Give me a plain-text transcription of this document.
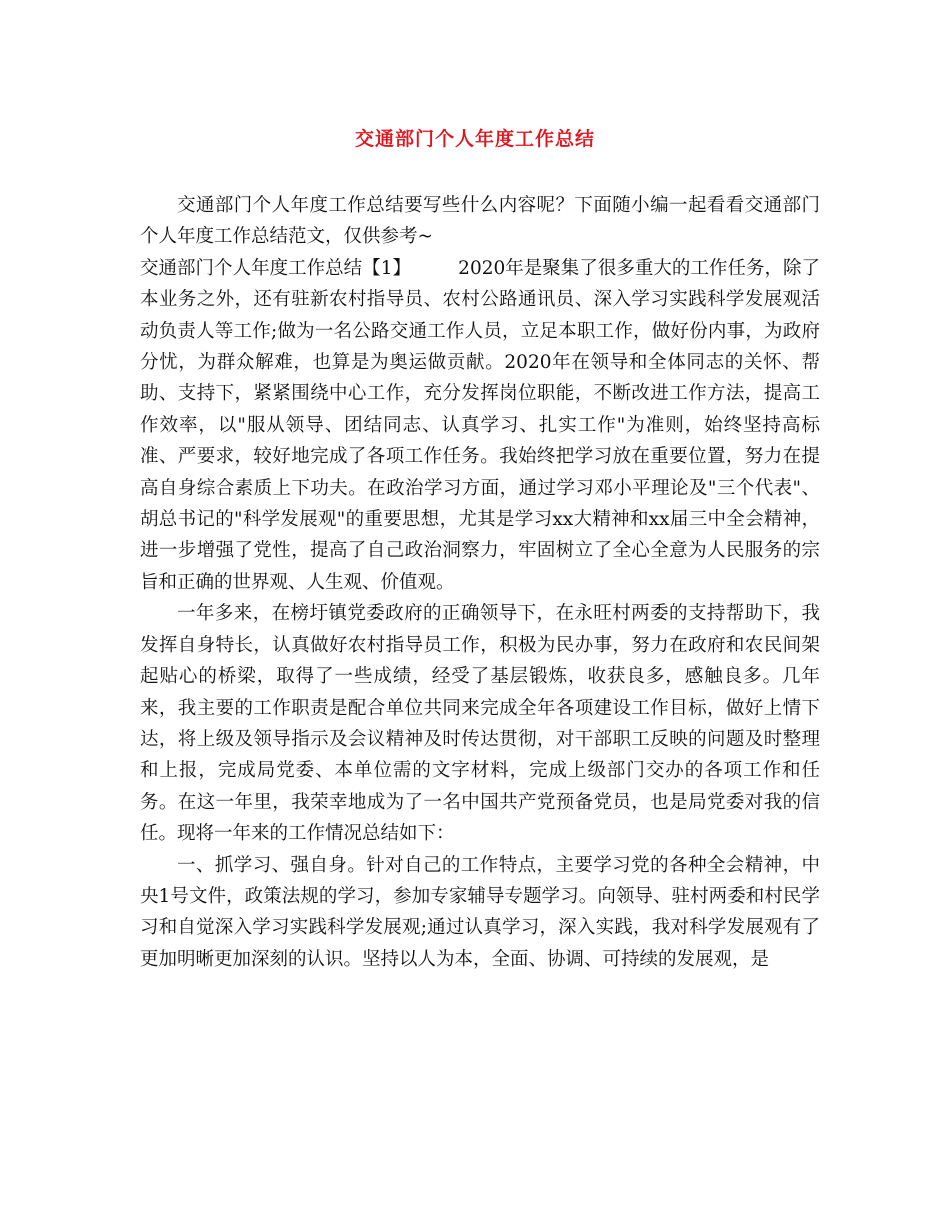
交通部门个人年度工作总结

交通部门个人年度工作总结要写些什么内容呢？下面随小编一起看看交通部门个人年度工作总结范文，仅供参考~

交通部门个人年度工作总结【1】	2020年是聚集了很多重大的工作任务，除了本业务之外，还有驻新农村指导员、农村公路通讯员、深入学习实践科学发展观活动负责人等工作;做为一名公路交通工作人员，立足本职工作，做好份内事，为政府分忧，为群众解难，也算是为奥运做贡献。2020年在领导和全体同志的关怀、帮助、支持下，紧紧围绕中心工作，充分发挥岗位职能，不断改进工作方法，提高工作效率，以"服从领导、团结同志、认真学习、扎实工作"为准则，始终坚持高标准、严要求，较好地完成了各项工作任务。我始终把学习放在重要位置，努力在提高自身综合素质上下功夫。在政治学习方面，通过学习邓小平理论及"三个代表"、胡总书记的"科学发展观"的重要思想，尤其是学习xx大精神和xx届三中全会精神，进一步增强了党性，提高了自己政治洞察力，牢固树立了全心全意为人民服务的宗旨和正确的世界观、人生观、价值观。

一年多来，在榜圩镇党委政府的正确领导下，在永旺村两委的支持帮助下，我发挥自身特长，认真做好农村指导员工作，积极为民办事，努力在政府和农民间架起贴心的桥梁，取得了一些成绩，经受了基层锻炼，收获良多，感触良多。几年来，我主要的工作职责是配合单位共同来完成全年各项建设工作目标，做好上情下达，将上级及领导指示及会议精神及时传达贯彻，对干部职工反映的问题及时整理和上报，完成局党委、本单位需的文字材料，完成上级部门交办的各项工作和任务。在这一年里，我荣幸地成为了一名中国共产党预备党员，也是局党委对我的信任。现将一年来的工作情况总结如下：

一、抓学习、强自身。针对自己的工作特点，主要学习党的各种全会精神，中央1号文件，政策法规的学习，参加专家辅导专题学习。向领导、驻村两委和村民学习和自觉深入学习实践科学发展观;通过认真学习，深入实践，我对科学发展观有了更加明晰更加深刻的认识。坚持以人为本，全面、协调、可持续的发展观，是
